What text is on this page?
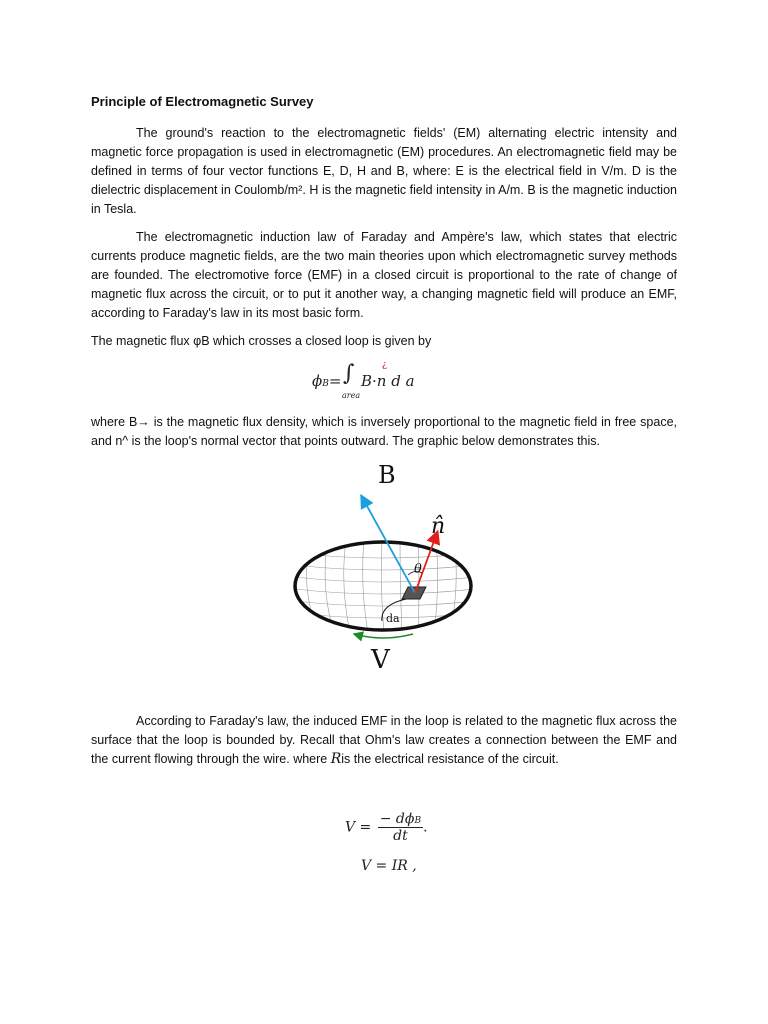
Principle of Electromagnetic Survey

The ground's reaction to the electromagnetic fields' (EM) alternating electric intensity and magnetic force propagation is used in electromagnetic (EM) procedures. An electromagnetic field may be defined in terms of four vector functions E, D, H and B, where: E is the electrical field in V/m. D is the dielectric displacement in Coulomb/m². H is the magnetic field intensity in A/m. B is the magnetic induction in Tesla.

The electromagnetic induction law of Faraday and Ampère's law, which states that electric currents produce magnetic fields, are the two main theories upon which electromagnetic survey methods are founded. The electromotive force (EMF) in a closed circuit is proportional to the rate of change of magnetic flux across the circuit, or to put it another way, a changing magnetic field will produce an EMF, according to Faraday's law in its most basic form.

The magnetic flux φB which crosses a closed loop is given by

ϕB= ∫
area
¿
B·n d a

where B→ is the magnetic flux density, which is inversely proportional to the magnetic field in free space, and n^ is the loop's normal vector that points outward. The graphic below demonstrates this.

B
n̂
θ
da
V

According to Faraday's law, the induced EMF in the loop is related to the magnetic flux across the surface that the loop is bounded by. Recall that Ohm's law creates a connection between the EMF and the current flowing through the wire. where Ris the electrical resistance of the circuit.

$V = \frac{\text{− dϕB}}{dt}$ .
V = IR ,
